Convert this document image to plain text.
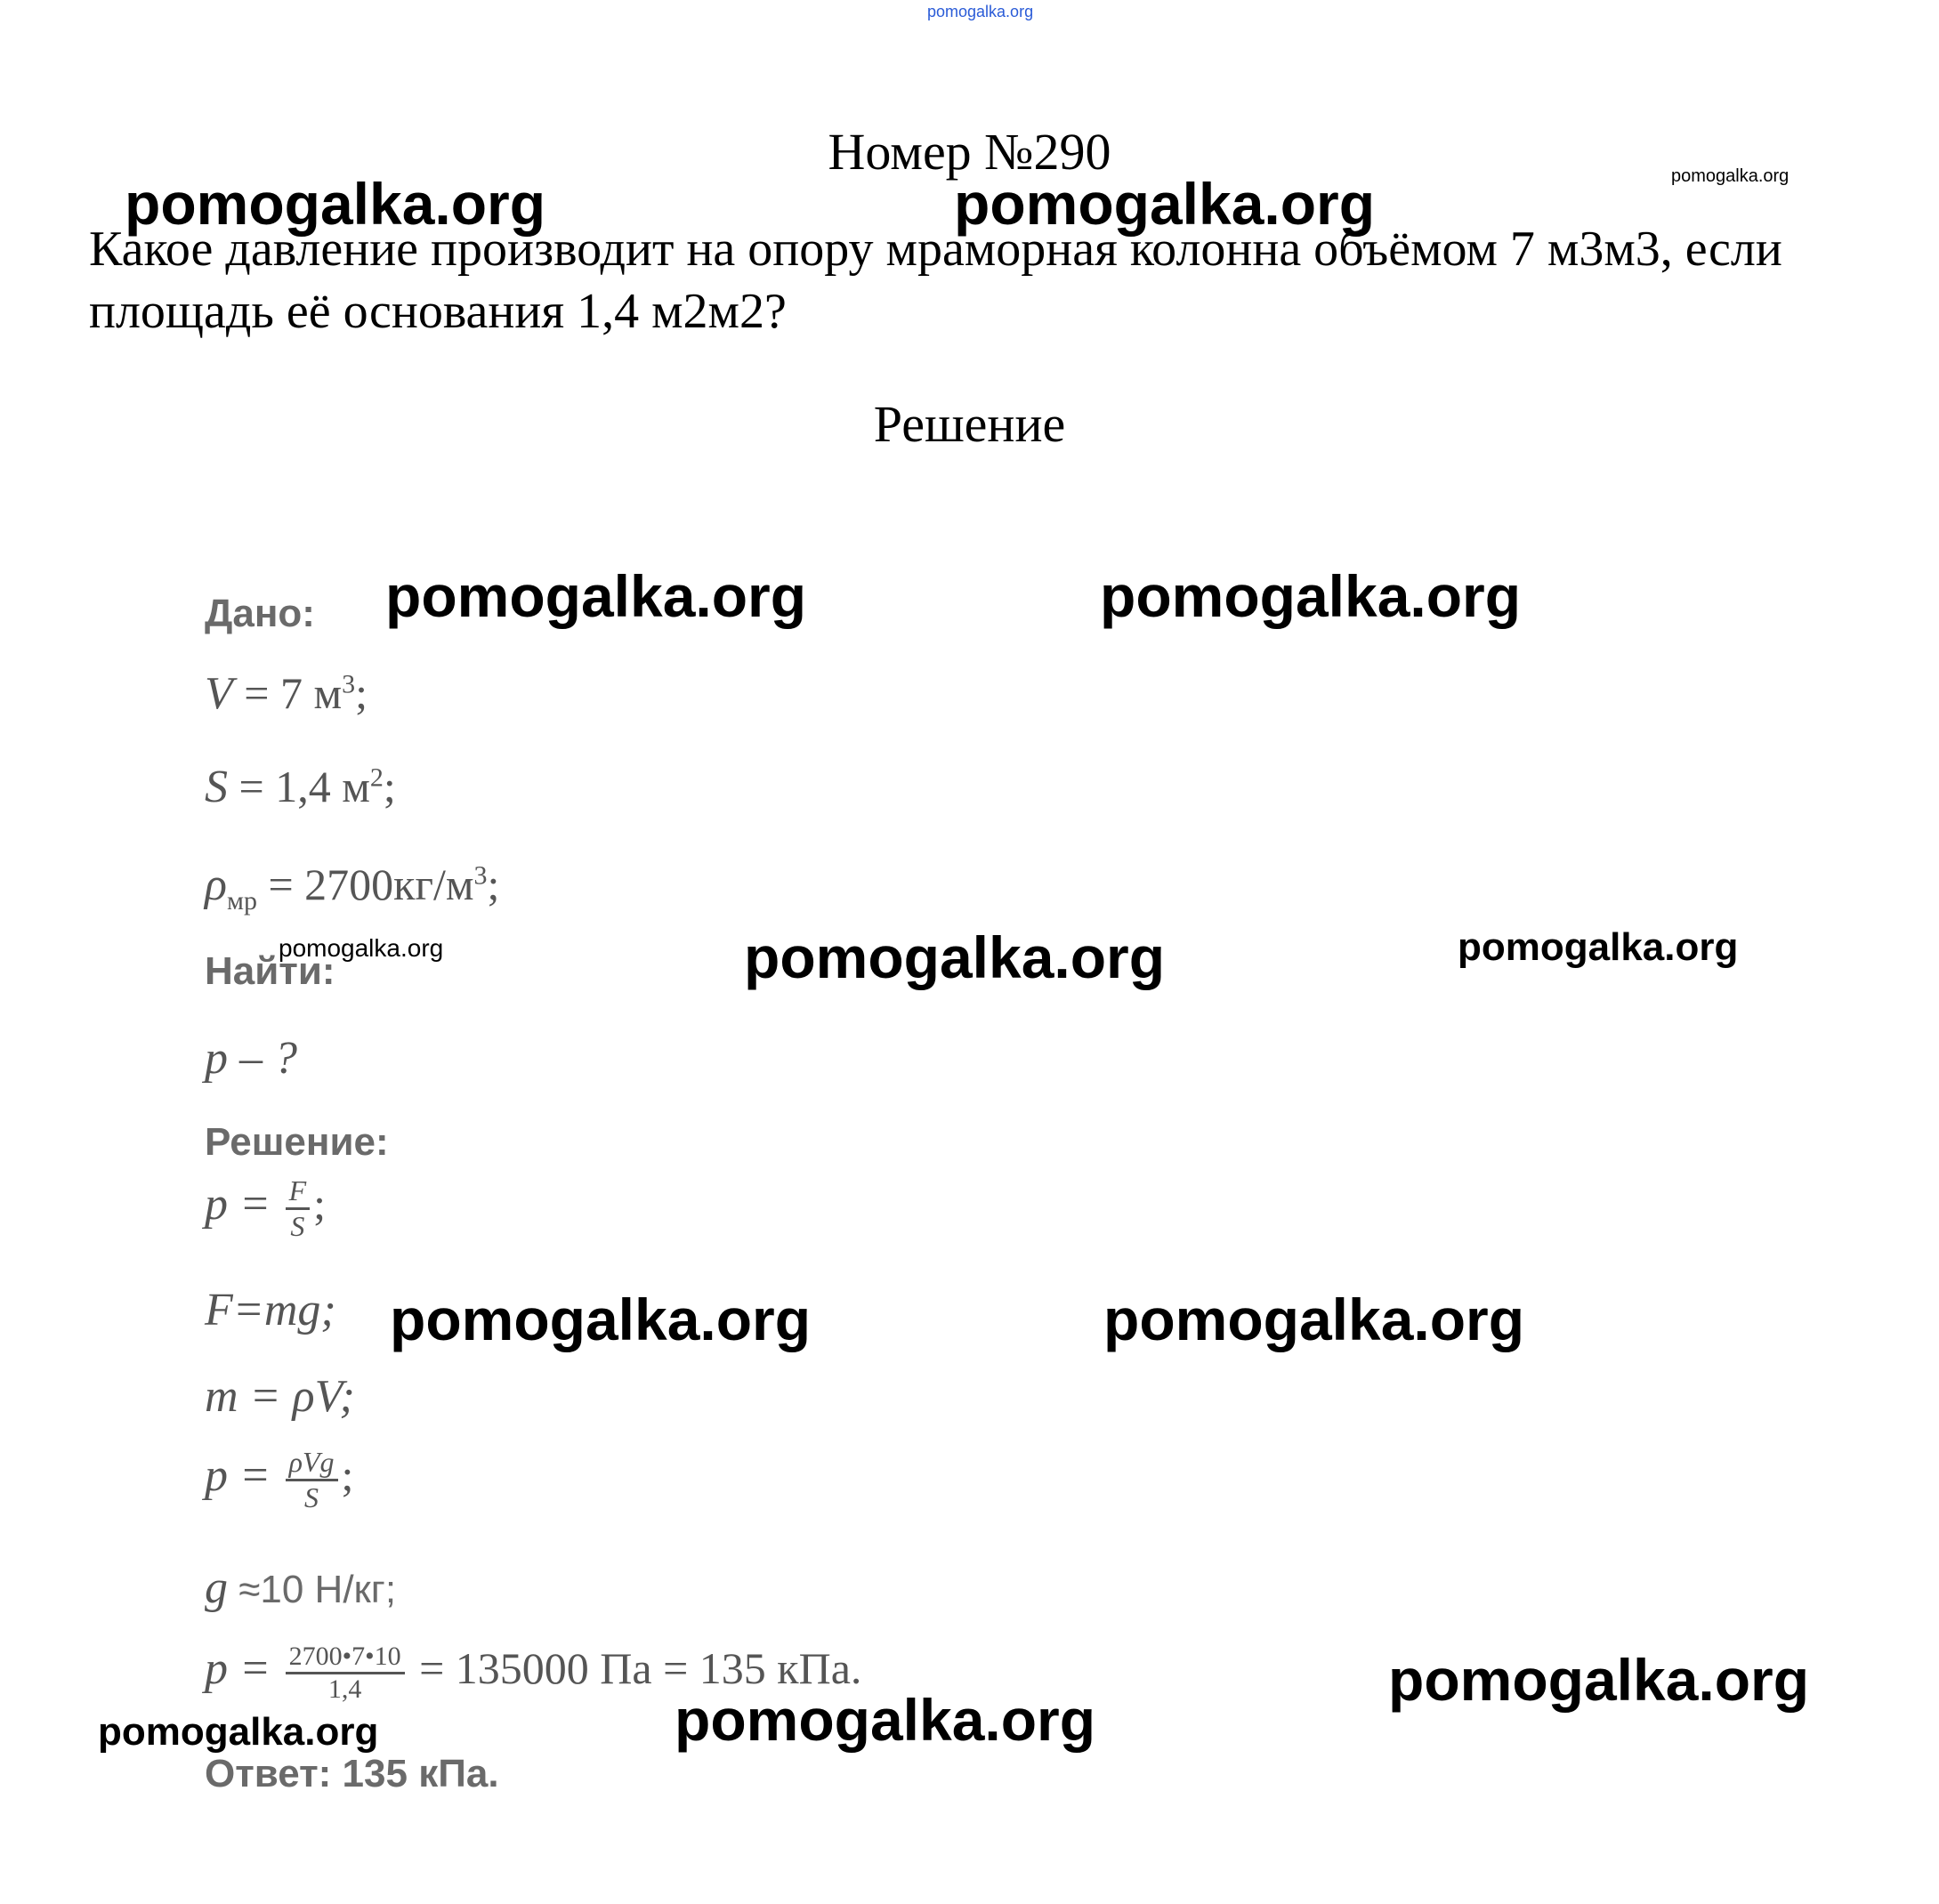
pomogalka.org
Номер №290
Какое давление производит на опору мраморная колонна объёмом 7 м3м3, если площадь её основания 1,4 м2м2?
Решение
Дано:
V = 7 $м^3$;
S = 1,4 $м^2$;
$\rho_{мр} = 2700кг/м^3$;
Найти:
p – ?
Решение:
$p = \frac{F}{S}$ ;
F=mg;
m = ρV;
$p = \frac{\text{ρVg}}{S}$ ;
g ≈10 Н/кг;
$p = \frac{2700•7•10}{1,4} = 135000$ Па = 135 кПа.
Ответ: 135 кПа.
pomogalka.org	pomogalka.org	pomogalka.org
pomogalka.org	pomogalka.org
pomogalka.org	pomogalka.org	pomogalka.org
pomogalka.org	pomogalka.org
pomogalka.org
pomogalka.org	pomogalka.org
